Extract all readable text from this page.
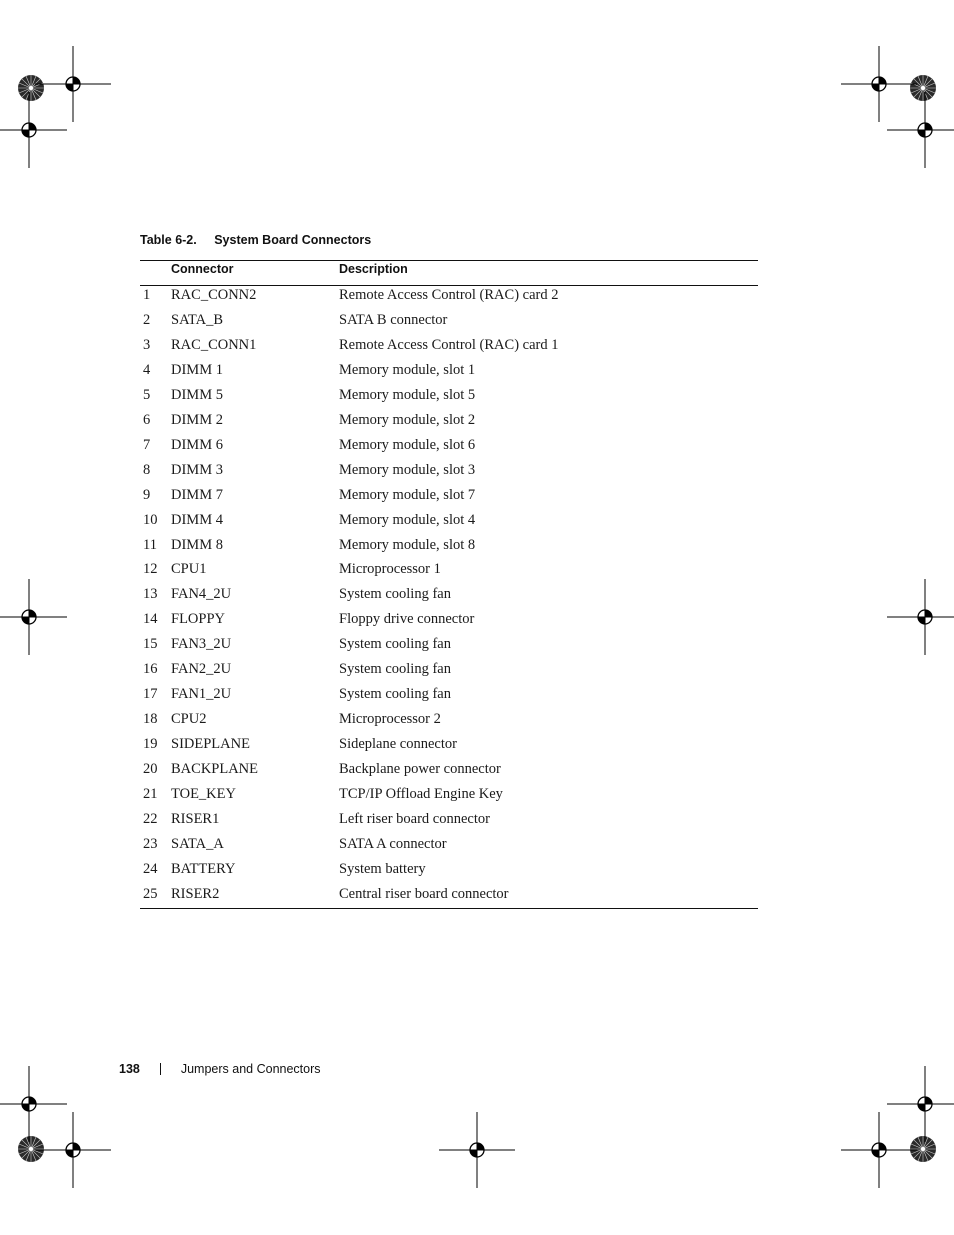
Table 6-2. System Board Connectors
Connector	Description
1 RAC_CONN2	Remote Access Control (RAC) card 2
2 SATA_B	SATA B connector
3 RAC_CONN1	Remote Access Control (RAC) card 1
4 DIMM 1	Memory module, slot 1
5 DIMM 5	Memory module, slot 5
6 DIMM 2	Memory module, slot 2
7 DIMM 6	Memory module, slot 6
8 DIMM 3	Memory module, slot 3
9 DIMM 7	Memory module, slot 7
10 DIMM 4	Memory module, slot 4
11 DIMM 8	Memory module, slot 8
12 CPU1	Microprocessor 1
13 FAN4_2U	System cooling fan
14 FLOPPY	Floppy drive connector
15 FAN3_2U	System cooling fan
16 FAN2_2U	System cooling fan
17 FAN1_2U	System cooling fan
18 CPU2	Microprocessor 2
19 SIDEPLANE	Sideplane connector
20 BACKPLANE	Backplane power connector
21 TOE_KEY	TCP/IP Offload Engine Key
22 RISER1	Left riser board connector
23 SATA_A	SATA A connector
24 BATTERY	System battery
25 RISER2	Central riser board connector
138	Jumpers and Connectors
